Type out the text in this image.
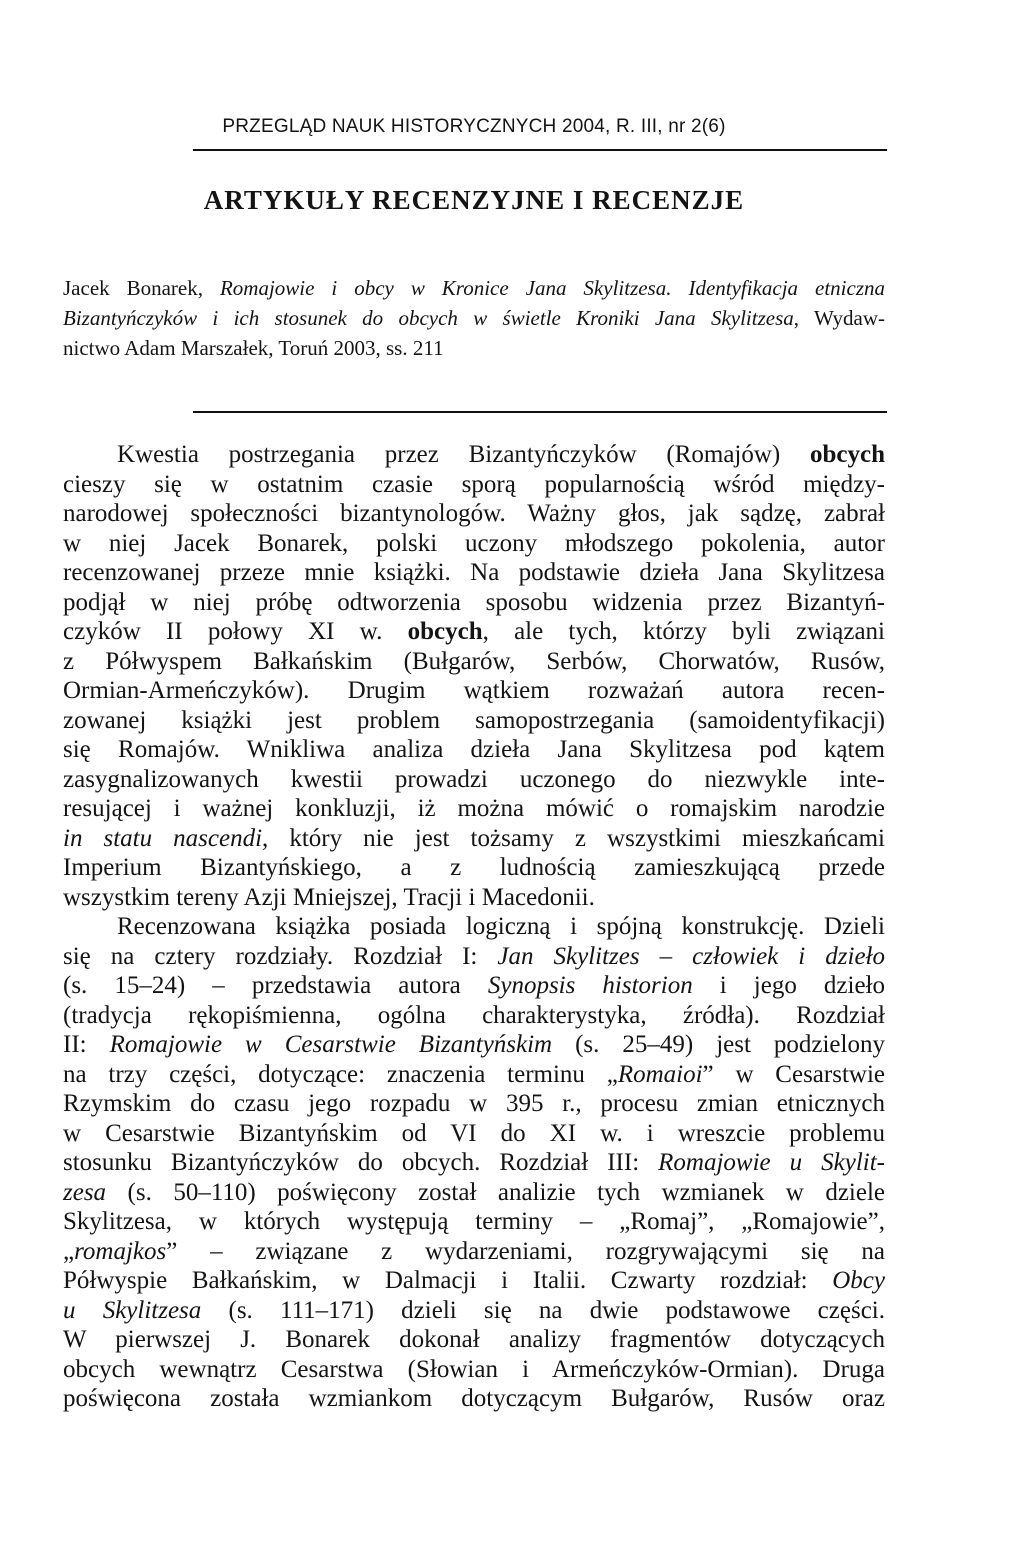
PRZEGLĄD NAUK HISTORYCZNYCH 2004, R. III, nr 2(6)
ARTYKUŁY RECENZYJNE I RECENZJE
Jacek Bonarek, Romajowie i obcy w Kronice Jana Skylitzesa. Identyfikacja etniczna
Bizantyńczyków i ich stosunek do obcych w świetle Kroniki Jana Skylitzesa, Wydaw-
nictwo Adam Marszałek, Toruń 2003, ss. 211
Kwestia postrzegania przez Bizantyńczyków (Romajów) obcych
cieszy się w ostatnim czasie sporą popularnością wśród między-
narodowej społeczności bizantynologów. Ważny głos, jak sądzę, zabrał
w niej Jacek Bonarek, polski uczony młodszego pokolenia, autor
recenzowanej przeze mnie książki. Na podstawie dzieła Jana Skylitzesa
podjął w niej próbę odtworzenia sposobu widzenia przez Bizantyń-
czyków II połowy XI w. obcych, ale tych, którzy byli związani
z Półwyspem Bałkańskim (Bułgarów, Serbów, Chorwatów, Rusów,
Ormian-Armeńczyków). Drugim wątkiem rozważań autora recen-
zowanej książki jest problem samopostrzegania (samoidentyfikacji)
się Romajów. Wnikliwa analiza dzieła Jana Skylitzesa pod kątem
zasygnalizowanych kwestii prowadzi uczonego do niezwykle inte-
resującej i ważnej konkluzji, iż można mówić o romajskim narodzie
in statu nascendi, który nie jest tożsamy z wszystkimi mieszkańcami
Imperium Bizantyńskiego, a z ludnością zamieszkującą przede
wszystkim tereny Azji Mniejszej, Tracji i Macedonii.
Recenzowana książka posiada logiczną i spójną konstrukcję. Dzieli
się na cztery rozdziały. Rozdział I: Jan Skylitzes – człowiek i dzieło
(s. 15–24) – przedstawia autora Synopsis historion i jego dzieło
(tradycja rękopiśmienna, ogólna charakterystyka, źródła). Rozdział
II: Romajowie w Cesarstwie Bizantyńskim (s. 25–49) jest podzielony
na trzy części, dotyczące: znaczenia terminu „Romaioi” w Cesarstwie
Rzymskim do czasu jego rozpadu w 395 r., procesu zmian etnicznych
w Cesarstwie Bizantyńskim od VI do XI w. i wreszcie problemu
stosunku Bizantyńczyków do obcych. Rozdział III: Romajowie u Skylit-
zesa (s. 50–110) poświęcony został analizie tych wzmianek w dziele
Skylitzesa, w których występują terminy – „Romaj”, „Romajowie”,
„romajkos” – związane z wydarzeniami, rozgrywającymi się na
Półwyspie Bałkańskim, w Dalmacji i Italii. Czwarty rozdział: Obcy
u Skylitzesa (s. 111–171) dzieli się na dwie podstawowe części.
W pierwszej J. Bonarek dokonał analizy fragmentów dotyczących
obcych wewnątrz Cesarstwa (Słowian i Armeńczyków-Ormian). Druga
poświęcona została wzmiankom dotyczącym Bułgarów, Rusów oraz
